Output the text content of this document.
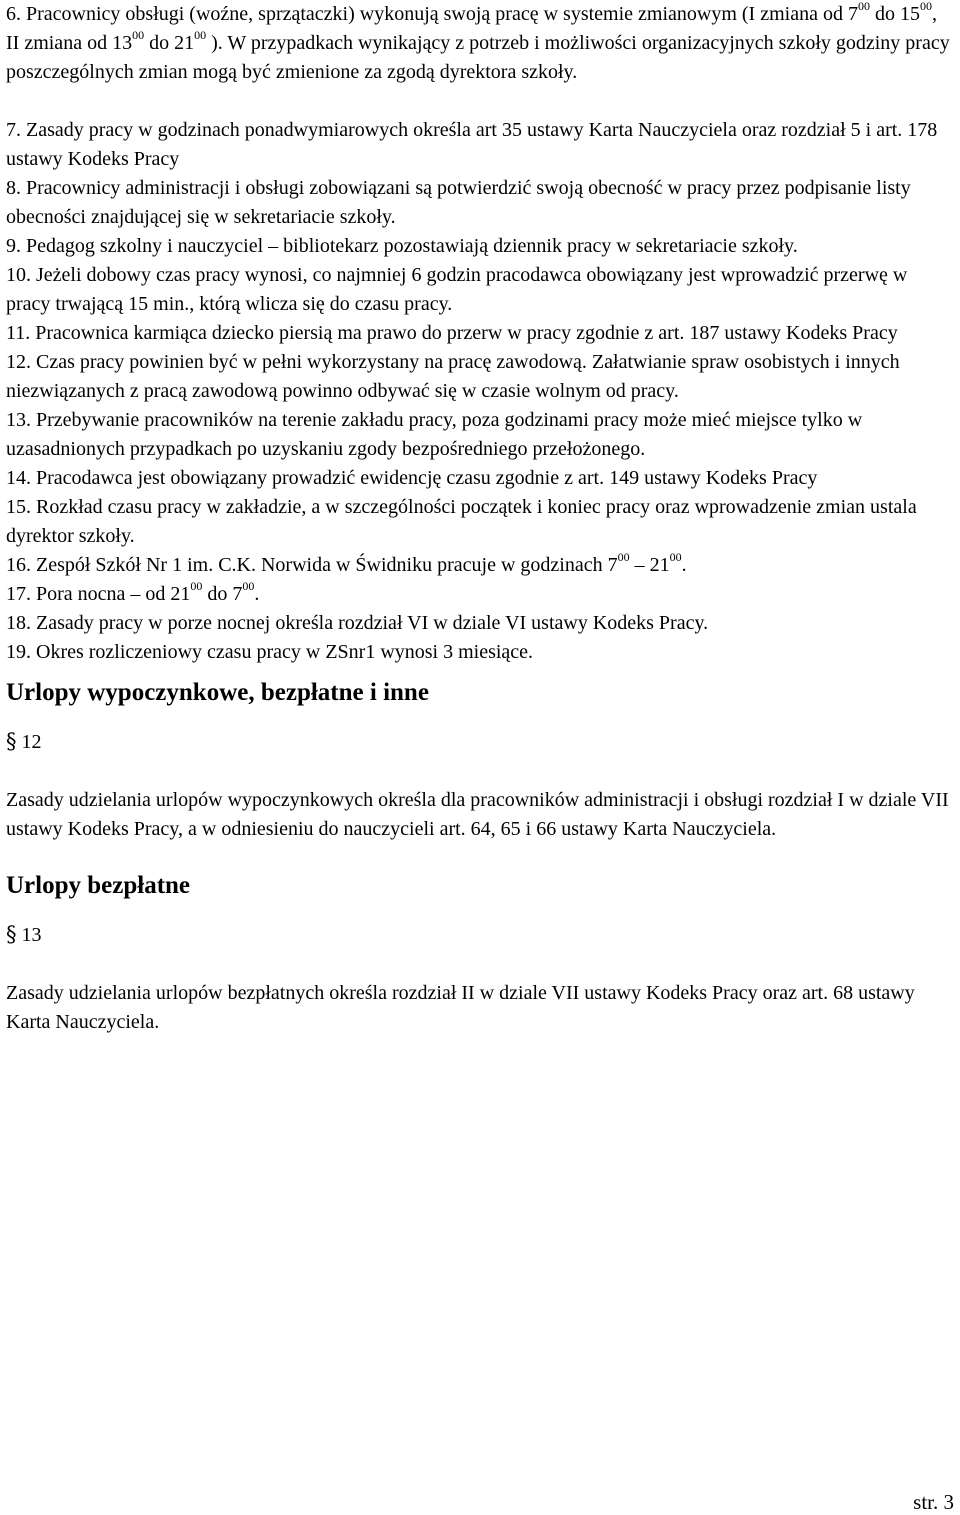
6. Pracownicy obsługi (woźne, sprzątaczki) wykonują swoją pracę w systemie zmianowym (I zmiana od $7^{00}$ do $15^{00}$, II zmiana od $13^{00}$ do $21^{00}$ ). W przypadkach wynikający z potrzeb i możliwości organizacyjnych szkoły godziny pracy poszczególnych zmian mogą być zmienione za zgodą dyrektora szkoły.

7. Zasady pracy w godzinach ponadwymiarowych określa art 35 ustawy Karta Nauczyciela oraz rozdział 5 i art. 178 ustawy Kodeks Pracy

8. Pracownicy administracji i obsługi zobowiązani są potwierdzić swoją obecność w pracy przez podpisanie listy obecności znajdującej się w sekretariacie szkoły.

9. Pedagog szkolny i nauczyciel – bibliotekarz pozostawiają dziennik pracy w sekretariacie szkoły.

10. Jeżeli dobowy czas pracy wynosi, co najmniej 6 godzin pracodawca obowiązany jest wprowadzić przerwę w pracy trwającą 15 min., którą wlicza się do czasu pracy.

11. Pracownica karmiąca dziecko piersią ma prawo do przerw w pracy zgodnie z art. 187 ustawy Kodeks Pracy

12. Czas pracy powinien być w pełni wykorzystany na pracę zawodową. Załatwianie spraw osobistych i innych niezwiązanych z pracą zawodową powinno odbywać się w czasie wolnym od pracy.

13. Przebywanie pracowników na terenie zakładu pracy, poza godzinami pracy może mieć miejsce tylko w uzasadnionych przypadkach po uzyskaniu zgody bezpośredniego przełożonego.

14. Pracodawca jest obowiązany prowadzić ewidencję czasu zgodnie z art. 149 ustawy Kodeks Pracy

15. Rozkład czasu pracy w zakładzie, a w szczególności początek i koniec pracy oraz wprowadzenie zmian ustala dyrektor szkoły.

16. Zespół Szkół Nr 1 im. C.K. Norwida w Świdniku pracuje w godzinach $7^{00} - 21^{00}$.

17. Pora nocna – od $21^{00}$ do $7^{00}$.

18. Zasady pracy w porze nocnej określa rozdział VI w dziale VI ustawy Kodeks Pracy.

19. Okres rozliczeniowy czasu pracy w ZSnr1 wynosi 3 miesiące.

Urlopy wypoczynkowe, bezpłatne i inne

§ 12

Zasady udzielania urlopów wypoczynkowych określa dla pracowników administracji i obsługi rozdział I w dziale VII ustawy Kodeks Pracy, a w odniesieniu do nauczycieli art. 64, 65 i 66 ustawy Karta Nauczyciela.

Urlopy bezpłatne

§ 13

Zasady udzielania urlopów bezpłatnych określa rozdział II w dziale VII ustawy Kodeks Pracy oraz art. 68 ustawy Karta Nauczyciela.

str. 3
